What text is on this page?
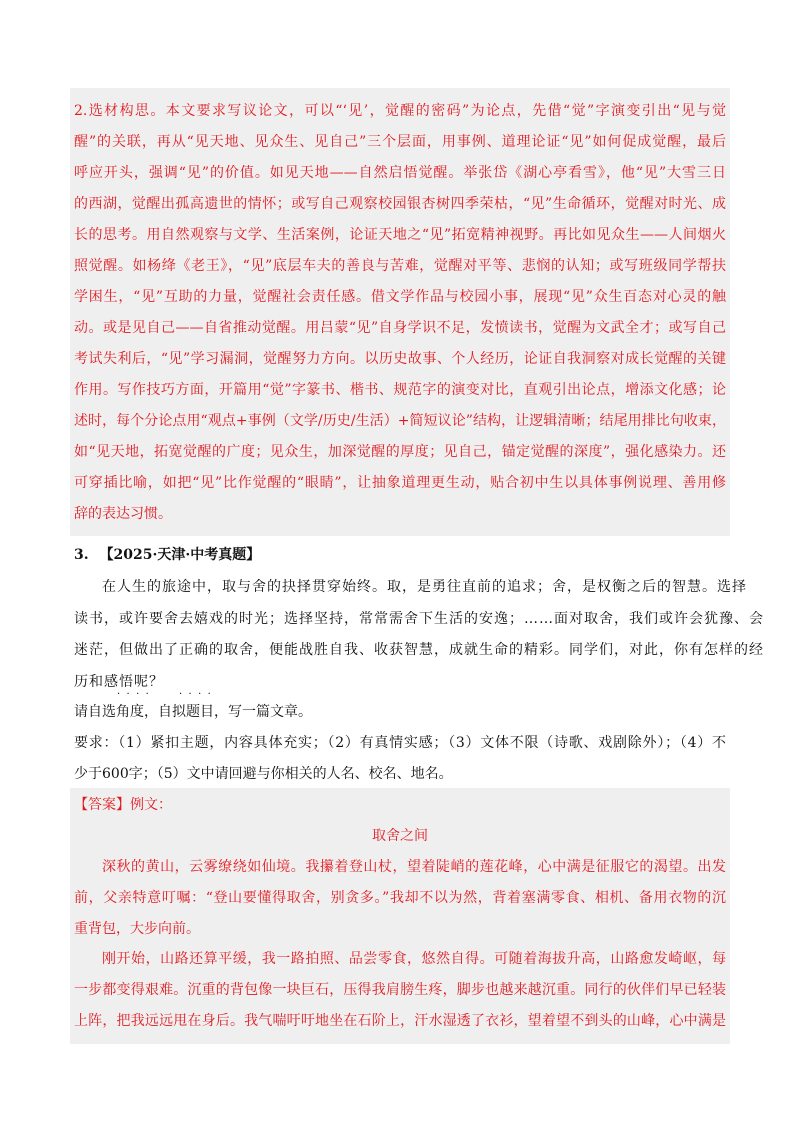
2.选材构思。本文要求写议论文，可以“‘见’，觉醒的密码”为论点，先借“觉”字演变引出“见与觉
醒”的关联，再从“见天地、见众生、见自己”三个层面，用事例、道理论证“见”如何促成觉醒，最后
呼应开头，强调“见”的价值。如见天地——自然启悟觉醒。举张岱《湖心亭看雪》，他“见”大雪三日
的西湖，觉醒出孤高遗世的情怀；或写自己观察校园银杏树四季荣枯，“见”生命循环，觉醒对时光、成
长的思考。用自然观察与文学、生活案例，论证天地之“见”拓宽精神视野。再比如见众生——人间烟火
照觉醒。如杨绛《老王》，“见”底层车夫的善良与苦难，觉醒对平等、悲悯的认知；或写班级同学帮扶
学困生，“见”互助的力量，觉醒社会责任感。借文学作品与校园小事，展现“见”众生百态对心灵的触
动。或是见自己——自省推动觉醒。用吕蒙“见”自身学识不足，发愤读书，觉醒为文武全才；或写自己
考试失利后，“见”学习漏洞，觉醒努力方向。以历史故事、个人经历，论证自我洞察对成长觉醒的关键
作用。写作技巧方面，开篇用“觉”字篆书、楷书、规范字的演变对比，直观引出论点，增添文化感；论
述时，每个分论点用“观点+事例（文学/历史/生活）+简短议论”结构，让逻辑清晰；结尾用排比句收束，
如“见天地，拓宽觉醒的广度；见众生，加深觉醒的厚度；见自己，锚定觉醒的深度”，强化感染力。还
可穿插比喻，如把“见”比作觉醒的“眼睛”，让抽象道理更生动，贴合初中生以具体事例说理、善用修
辞的表达习惯。
3. 【2025·天津·中考真题】
在人生的旅途中，取与舍的抉择贯穿始终。取，是勇往直前的追求；舍，是权衡之后的智慧。选择
读书，或许要舍去嬉戏的时光；选择坚持，常常需舍下生活的安逸；……面对取舍，我们或许会犹豫、会
迷茫，但做出了正确的取舍，便能战胜自我、收获智慧，成就生命的精彩。同学们，对此，你有怎样的经
历和感悟呢？
·  ·  ·  ·	·  ·  ·  ·
请自选角度，自拟题目，写一篇文章。
要求：（1）紧扣主题，内容具体充实；（2）有真情实感；（3）文体不限（诗歌、戏剧除外）；（4）不
少于600字；（5）文中请回避与你相关的人名、校名、地名。
【答案】例文：
取舍之间
深秋的黄山，云雾缭绕如仙境。我攥着登山杖，望着陡峭的莲花峰，心中满是征服它的渴望。出发
前，父亲特意叮嘱：“登山要懂得取舍，别贪多。”我却不以为然，背着塞满零食、相机、备用衣物的沉
重背包，大步向前。
刚开始，山路还算平缓，我一路拍照、品尝零食，悠然自得。可随着海拔升高，山路愈发崎岖，每
一步都变得艰难。沉重的背包像一块巨石，压得我肩膀生疼，脚步也越来越沉重。同行的伙伴们早已轻装
上阵，把我远远甩在身后。我气喘吁吁地坐在石阶上，汗水湿透了衣衫，望着望不到头的山峰，心中满是
